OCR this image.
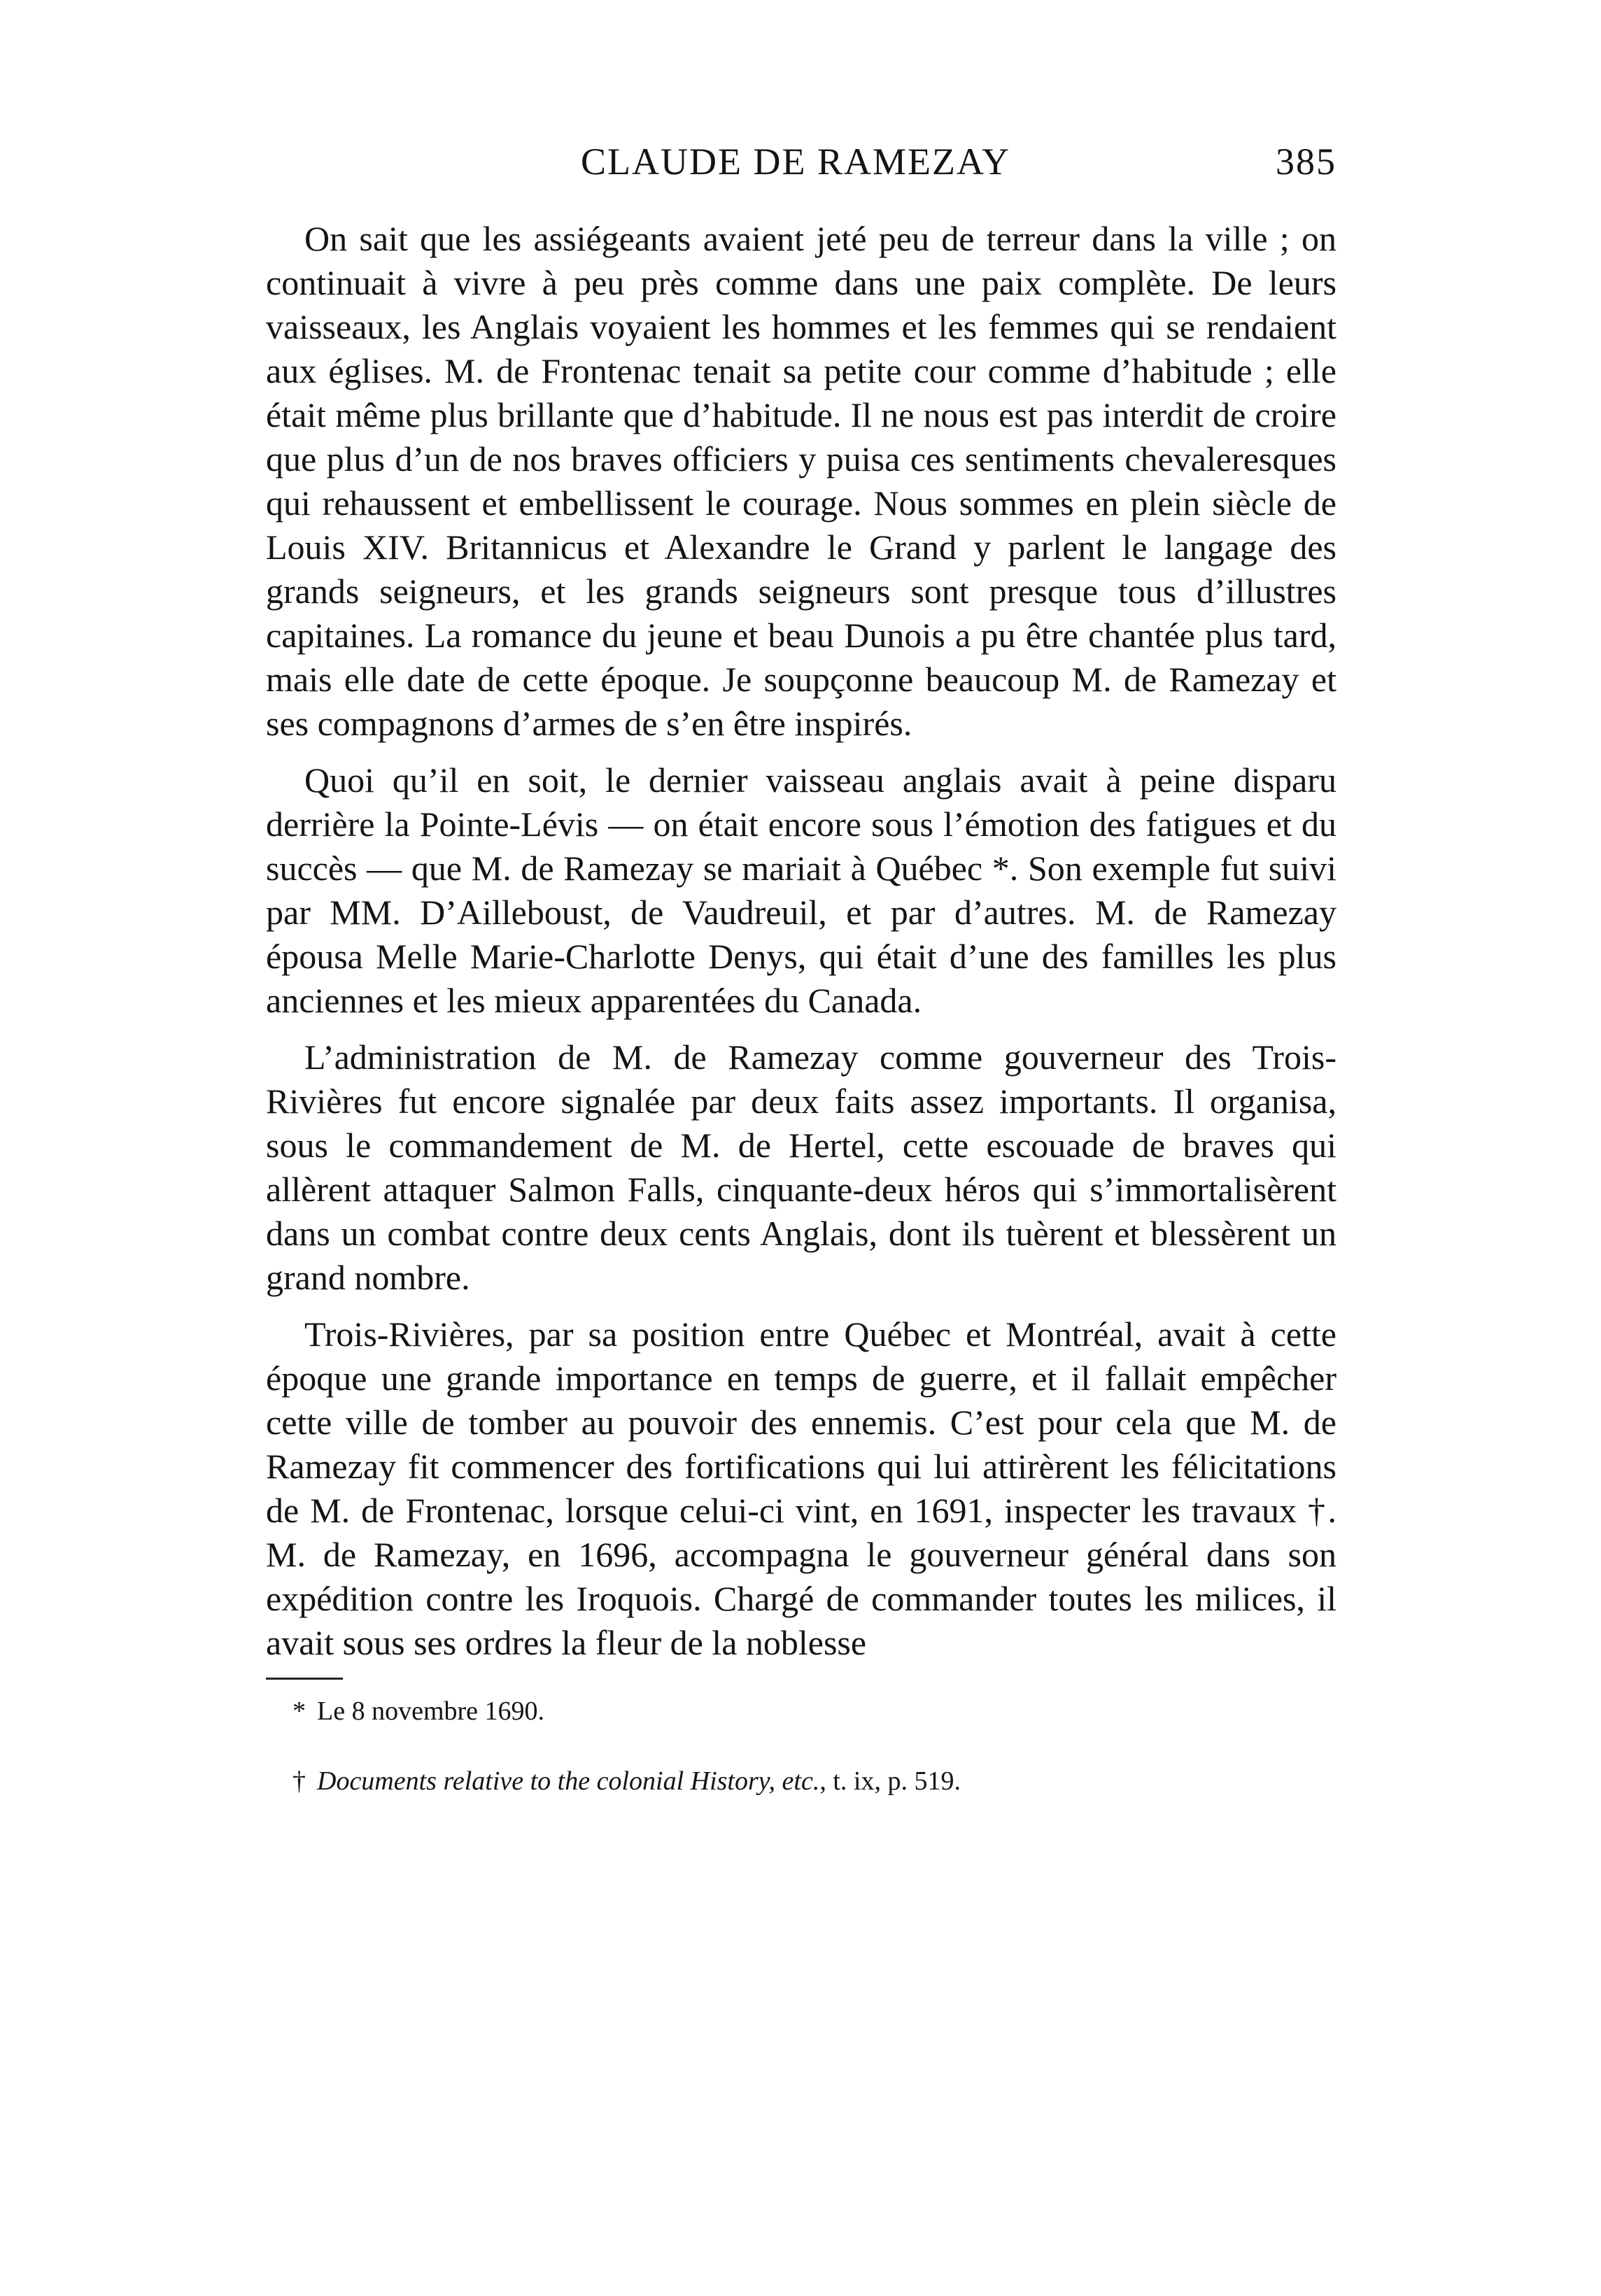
CLAUDE DE RAMEZAY	385

On sait que les assiégeants avaient jeté peu de terreur dans la ville ; on continuait à vivre à peu près comme dans une paix complète. De leurs vaisseaux, les Anglais voyaient les hommes et les femmes qui se rendaient aux églises. M. de Frontenac tenait sa petite cour comme d’habitude ; elle était même plus brillante que d’habitude. Il ne nous est pas interdit de croire que plus d’un de nos braves officiers y puisa ces sentiments chevaleresques qui rehaussent et embellissent le courage. Nous sommes en plein siècle de Louis XIV. Britannicus et Alexandre le Grand y parlent le langage des grands seigneurs, et les grands seigneurs sont presque tous d’illustres capitaines. La romance du jeune et beau Dunois a pu être chantée plus tard, mais elle date de cette époque. Je soupçonne beaucoup M. de Ramezay et ses compagnons d’armes de s’en être inspirés.

Quoi qu’il en soit, le dernier vaisseau anglais avait à peine disparu derrière la Pointe-Lévis — on était encore sous l’émotion des fatigues et du succès — que M. de Ramezay se mariait à Québec *. Son exemple fut suivi par MM. D’Ailleboust, de Vaudreuil, et par d’autres. M. de Ramezay épousa Melle Marie-Charlotte Denys, qui était d’une des familles les plus anciennes et les mieux apparentées du Canada.

L’administration de M. de Ramezay comme gouverneur des Trois-Rivières fut encore signalée par deux faits assez importants. Il organisa, sous le commandement de M. de Hertel, cette escouade de braves qui allèrent attaquer Salmon Falls, cinquante-deux héros qui s’immortalisèrent dans un combat contre deux cents Anglais, dont ils tuèrent et blessèrent un grand nombre.

Trois-Rivières, par sa position entre Québec et Montréal, avait à cette époque une grande importance en temps de guerre, et il fallait empêcher cette ville de tomber au pouvoir des ennemis. C’est pour cela que M. de Ramezay fit commencer des fortifications qui lui attirèrent les félicitations de M. de Frontenac, lorsque celui-ci vint, en 1691, inspecter les travaux †. M. de Ramezay, en 1696, accompagna le gouverneur général dans son expédition contre les Iroquois. Chargé de commander toutes les milices, il avait sous ses ordres la fleur de la noblesse

* Le 8 novembre 1690.

† Documents relative to the colonial History, etc., t. ix, p. 519.
